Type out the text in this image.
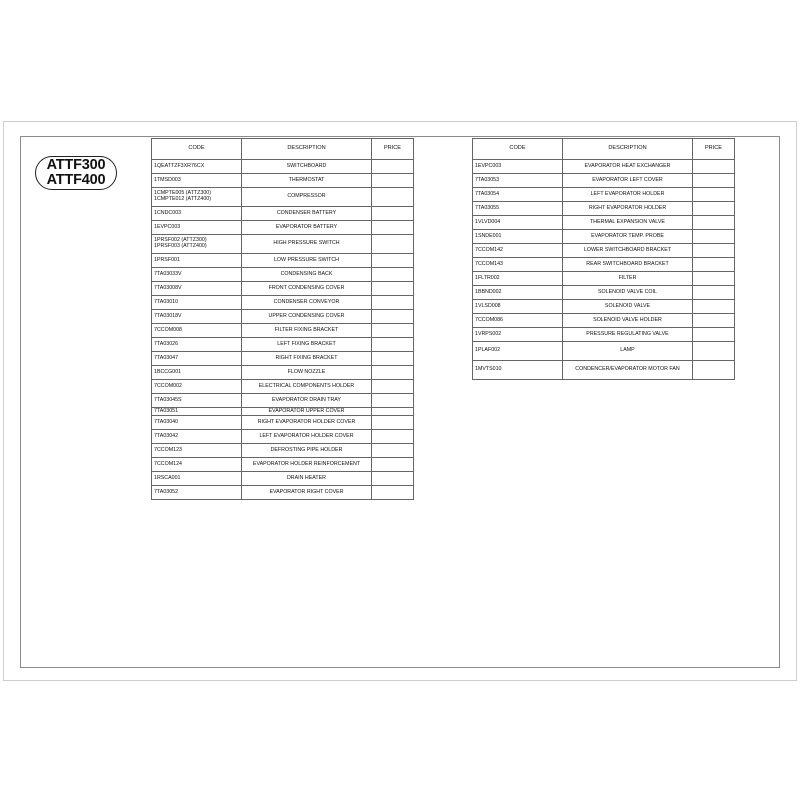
ATTF300
ATTF400
CODE	DESCRIPTION	PRICE
1QEATTZF3XR76CX	SWITCHBOARD	
1TMSD003	THERMOSTAT	
1CMPTE005 (ATTZ300)
1CMPTE012 (ATTZ400)	COMPRESSOR	
1CNDC003	CONDENSER BATTERY	
1EVPC003	EVAPORATOR BATTERY	
1PRSF002 (ATTZ300)
1PRSF003 (ATTZ400)	HIGH PRESSURE SWITCH	
1PRSF001	LOW PRESSURE SWITCH	
7TA03033V	CONDENSING BACK	
7TA03008V	FRONT CONDENSING COVER	
7TA03010	CONDENSER CONVEYOR	
7TA03018V	UPPER CONDENSING COVER	
7CCOM008	FILTER FIXING BRACKET	
7TA03026	LEFT FIXING BRACKET	
7TA03047	RIGHT FIXING BRACKET	
1BCCG001	FLOW NOZZLE	
7CCOM002	ELECTRICAL COMPONENTS HOLDER	
7TA03045S	EVAPORATOR DRAIN TRAY	
7TA03051	EVAPORATOR UPPER COVER	
7TA03040	RIGHT EVAPORATOR HOLDER COVER	
7TA03042	LEFT EVAPORATOR HOLDER COVER	
7CCOM123	DEFROSTING PIPE HOLDER	
7CCOM124	EVAPORATOR HOLDER REINFORCEMENT	
1RSCA001	DRAIN HEATER	
7TA03052	EVAPORATOR RIGHT COVER	
CODE	DESCRIPTION	PRICE
1EVPC003	EVAPORATOR HEAT EXCHANGER	
7TA03053	EVAPORATOR LEFT COVER	
7TA03054	LEFT EVAPORATOR HOLDER	
7TA03055	RIGHT EVAPORATOR HOLDER	
1VLVD004	THERMAL EXPANSION VALVE	
1SNDE001	EVAPORATOR TEMP. PROBE	
7CCOM142	LOWER SWITCHBOARD BRACKET	
7CCOM143	REAR SWITCHBOARD BRACKET	
1FLTR002	FILTER	
1BBND002	SOLENOID VALVE COIL	
1VLSD008	SOLENOID VALVE	
7CCOM086	SOLENOID VALVE HOLDER	
1VRPS002	PRESSURE REGULATING VALVE	
1PLAF002	LAMP	
1MVTS010	CONDENCER/EVAPORATOR MOTOR FAN	
